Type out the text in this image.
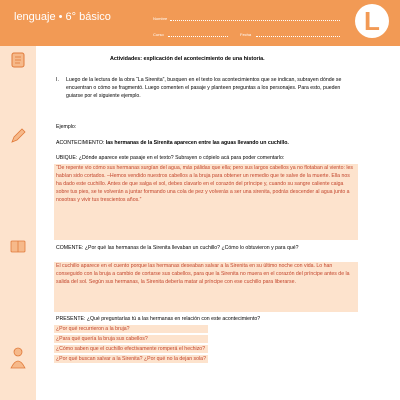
lenguaje • 6° básico	Nombre
Curso	Fecha	L
Actividades: explicación del acontecimiento de una historia.
I. Luego de la lectura de la obra “La Sirenita”, busquen en el texto los acontecimientos que se indican, subrayen dónde se encuentran o cómo se fragmentó. Luego comenten el pasaje y planteen preguntas a los personajes. Para esto, pueden guiarse por el siguiente ejemplo.
Ejemplo:
ACONTECIMIENTO: las hermanas de la Sirenita aparecen entre las aguas llevando un cuchillo.
UBIQUE: ¿Dónde aparece este pasaje en el texto? Subrayen o cópielo acá para poder comentarlo:
“De repente vio cómo sus hermanas surgían del agua, más pálidas que ella; pero sus largos cabellos ya no flotaban al viento: les habían sido cortados. –Hemos vendido nuestros cabellos a la bruja para obtener un remedio que te salve de la muerte. Ella nos ha dado este cuchillo. Antes de que salga el sol, debes clavarlo en el corazón del príncipe y, cuando su sangre caliente caiga sobre tus pies, se te volverán a juntar formando una cola de pez y volverás a ser una sirenita, podrás descender al agua junto a nosotras y vivir tus trescientos años.”
COMENTE: ¿Por qué las hermanas de la Sirenita llevaban un cuchillo? ¿Cómo lo obtuvieron y para qué?
El cuchillo aparece en el cuento porque las hermanas deseaban salvar a la Sirenita en su último noche con vida. Lo han conseguido con la bruja a cambio de cortarse sus cabellos, para que la Sirenita no muera en el corazón del príncipe antes de la salida del sol. Según sus hermanas, la Sirenita debería matar al príncipe con ese cuchillo para liberarse.
PRESENTE: ¿Qué preguntarías tú a las hermanas en relación con este acontecimiento?
¿Por qué recurrieron a la bruja?
¿Para qué quería la bruja sus cabellos?
¿Cómo saben que el cuchillo efectivamente romperá el hechizo?
¿Por qué buscan salvar a la Sirenita? ¿Por qué no la dejan sola?
